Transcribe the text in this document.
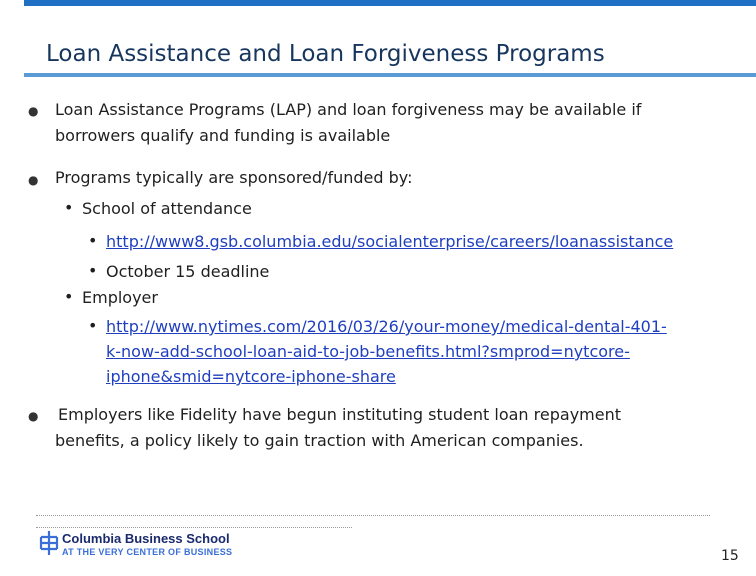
Loan Assistance and Loan Forgiveness Programs
● Loan Assistance Programs (LAP) and loan forgiveness may be available if
borrowers qualify and funding is available
● Programs typically are sponsored/funded by:
• School of attendance
• http://www8.gsb.columbia.edu/socialenterprise/careers/loanassistance
• October 15 deadline
• Employer
• http://www.nytimes.com/2016/03/26/your-money/medical-dental-401-
k-now-add-school-loan-aid-to-job-benefits.html?smprod=nytcore-
iphone&smid=nytcore-iphone-share
● Employers like Fidelity have begun instituting student loan repayment
benefits, a policy likely to gain traction with American companies.
Columbia Business School
AT THE VERY CENTER OF BUSINESS	15
